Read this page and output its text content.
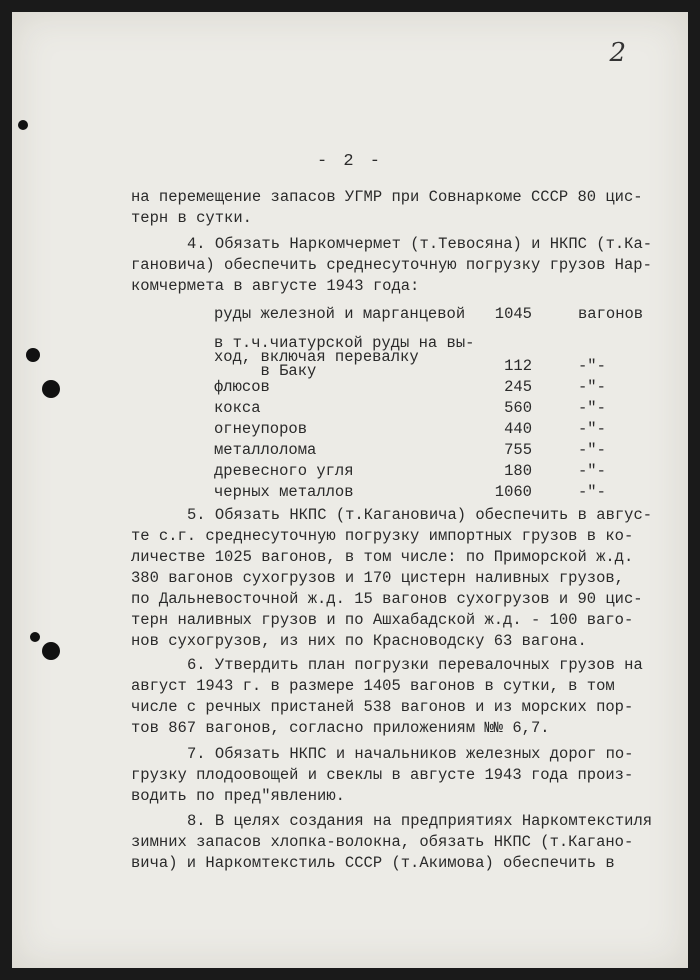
2
- 2 -
на перемещение запасов УГМР при Совнаркоме СССР 80 цис-
терн в сутки.
4. Обязать Наркомчермет (т.Тевосяна) и НКПС (т.Ка-
гановича) обеспечить среднесуточную погрузку грузов Нар-
комчермета в августе 1943 года:
руды железной и марганцевой 1045	вагонов
в т.ч.чиатурской руды на вы-
ход, включая перевалку
в Баку	112	-"-
флюсов	245	-"-
кокса	560	-"-
огнеупоров	440	-"-
металлолома	755	-"-
древесного угля	180	-"-
черных металлов	1060	-"-
5. Обязать НКПС (т.Кагановича) обеспечить в авгус-
те с.г. среднесуточную погрузку импортных грузов в ко-
личестве 1025 вагонов, в том числе: по Приморской ж.д.
380 вагонов сухогрузов и 170 цистерн наливных грузов,
по Дальневосточной ж.д. 15 вагонов сухогрузов и 90 цис-
терн наливных грузов и по Ашхабадской ж.д. - 100 ваго-
нов сухогрузов, из них по Красноводску 63 вагона.
6. Утвердить план погрузки перевалочных грузов на
август 1943 г. в размере 1405 вагонов в сутки, в том
числе с речных пристаней 538 вагонов и из морских пор-
тов 867 вагонов, согласно приложениям №№ 6,7.
7. Обязать НКПС и начальников железных дорог по-
грузку плодоовощей и свеклы в августе 1943 года произ-
водить по пред"явлению.
8. В целях создания на предприятиях Наркомтекстиля
зимних запасов хлопка-волокна, обязать НКПС (т.Кагано-
вича) и Наркомтекстиль СССР (т.Акимова) обеспечить в
